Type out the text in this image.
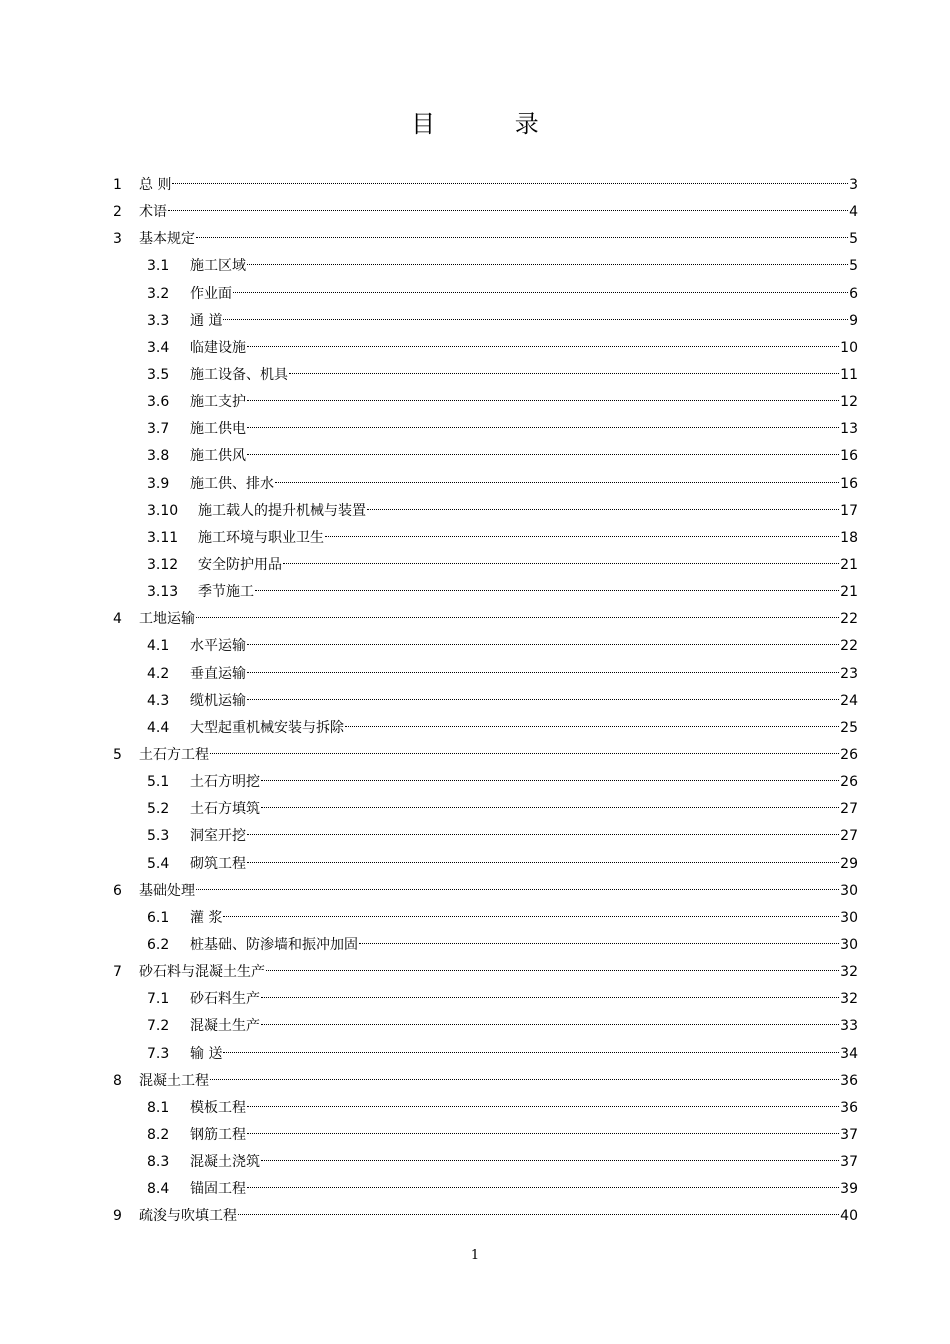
目 录
1 总 则	3
2 术语	4
3 基本规定	5
3.1 施工区域	5
3.2 作业面	6
3.3 通 道	9
3.4 临建设施	10
3.5 施工设备、机具	11
3.6 施工支护	12
3.7 施工供电	13
3.8 施工供风	16
3.9 施工供、排水	16
3.10 施工载人的提升机械与装置	17
3.11 施工环境与职业卫生	18
3.12 安全防护用品	21
3.13 季节施工	21
4 工地运输	22
4.1 水平运输	22
4.2 垂直运输	23
4.3 缆机运输	24
4.4 大型起重机械安装与拆除	25
5 土石方工程	26
5.1 土石方明挖	26
5.2 土石方填筑	27
5.3 洞室开挖	27
5.4 砌筑工程	29
6 基础处理	30
6.1 灌 浆	30
6.2 桩基础、防渗墙和振冲加固	30
7 砂石料与混凝土生产	32
7.1 砂石料生产	32
7.2 混凝土生产	33
7.3 输 送	34
8 混凝土工程	36
8.1 模板工程	36
8.2 钢筋工程	37
8.3 混凝土浇筑	37
8.4 锚固工程	39
9 疏浚与吹填工程	40
1
